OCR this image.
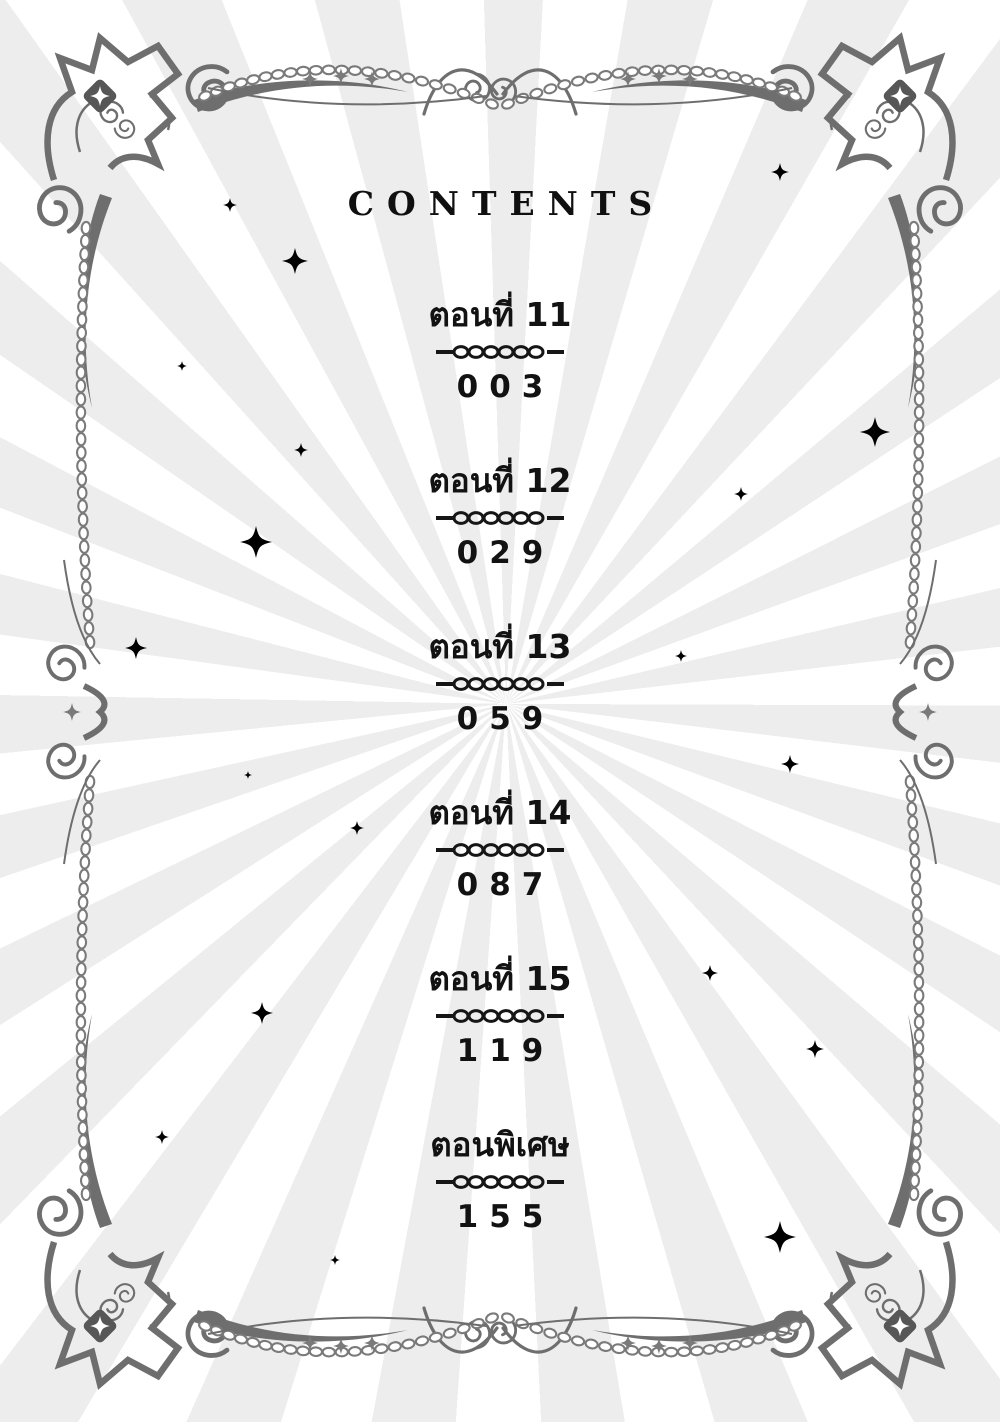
CONTENTS
ตอนที่ 11
003
ตอนที่ 12
029
ตอนที่ 13
059
ตอนที่ 14
087
ตอนที่ 15
119
ตอนพิเศษ
155
